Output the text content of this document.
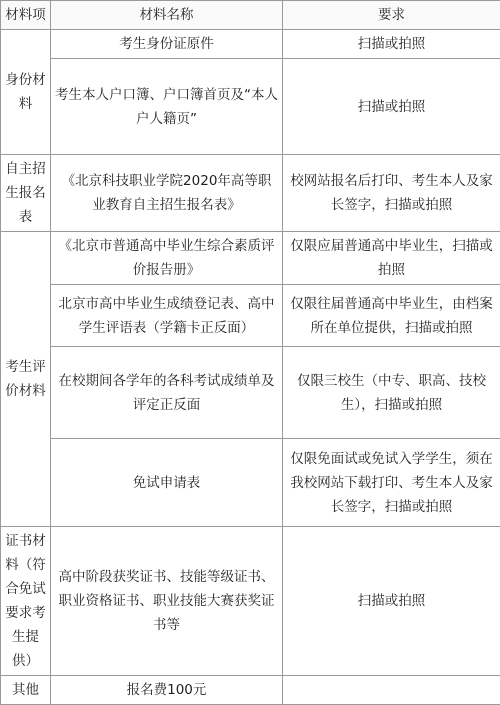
材料项	材料名称	要求
身份材料	考生身份证原件	扫描或拍照
	考生本人户口簿、户口簿首页及“本人户人籍页”	扫描或拍照
自主招生报名表	《北京科技职业学院2020年高等职业教育自主招生报名表》	校网站报名后打印、考生本人及家长签字，扫描或拍照
考生评价材料	《北京市普通高中毕业生综合素质评价报告册》	仅限应届普通高中毕业生，扫描或拍照
	北京市高中毕业生成绩登记表、高中学生评语表（学籍卡正反面）	仅限往届普通高中毕业生，由档案所在单位提供，扫描或拍照
	在校期间各学年的各科考试成绩单及评定正反面	仅限三校生（中专、职高、技校生），扫描或拍照
	免试申请表	仅限免面试或免试入学学生，须在我校网站下载打印、考生本人及家长签字，扫描或拍照
证书材料（符合免试要求考生提供）	高中阶段获奖证书、技能等级证书、职业资格证书、职业技能大赛获奖证书等	扫描或拍照
其他	报名费100元	
